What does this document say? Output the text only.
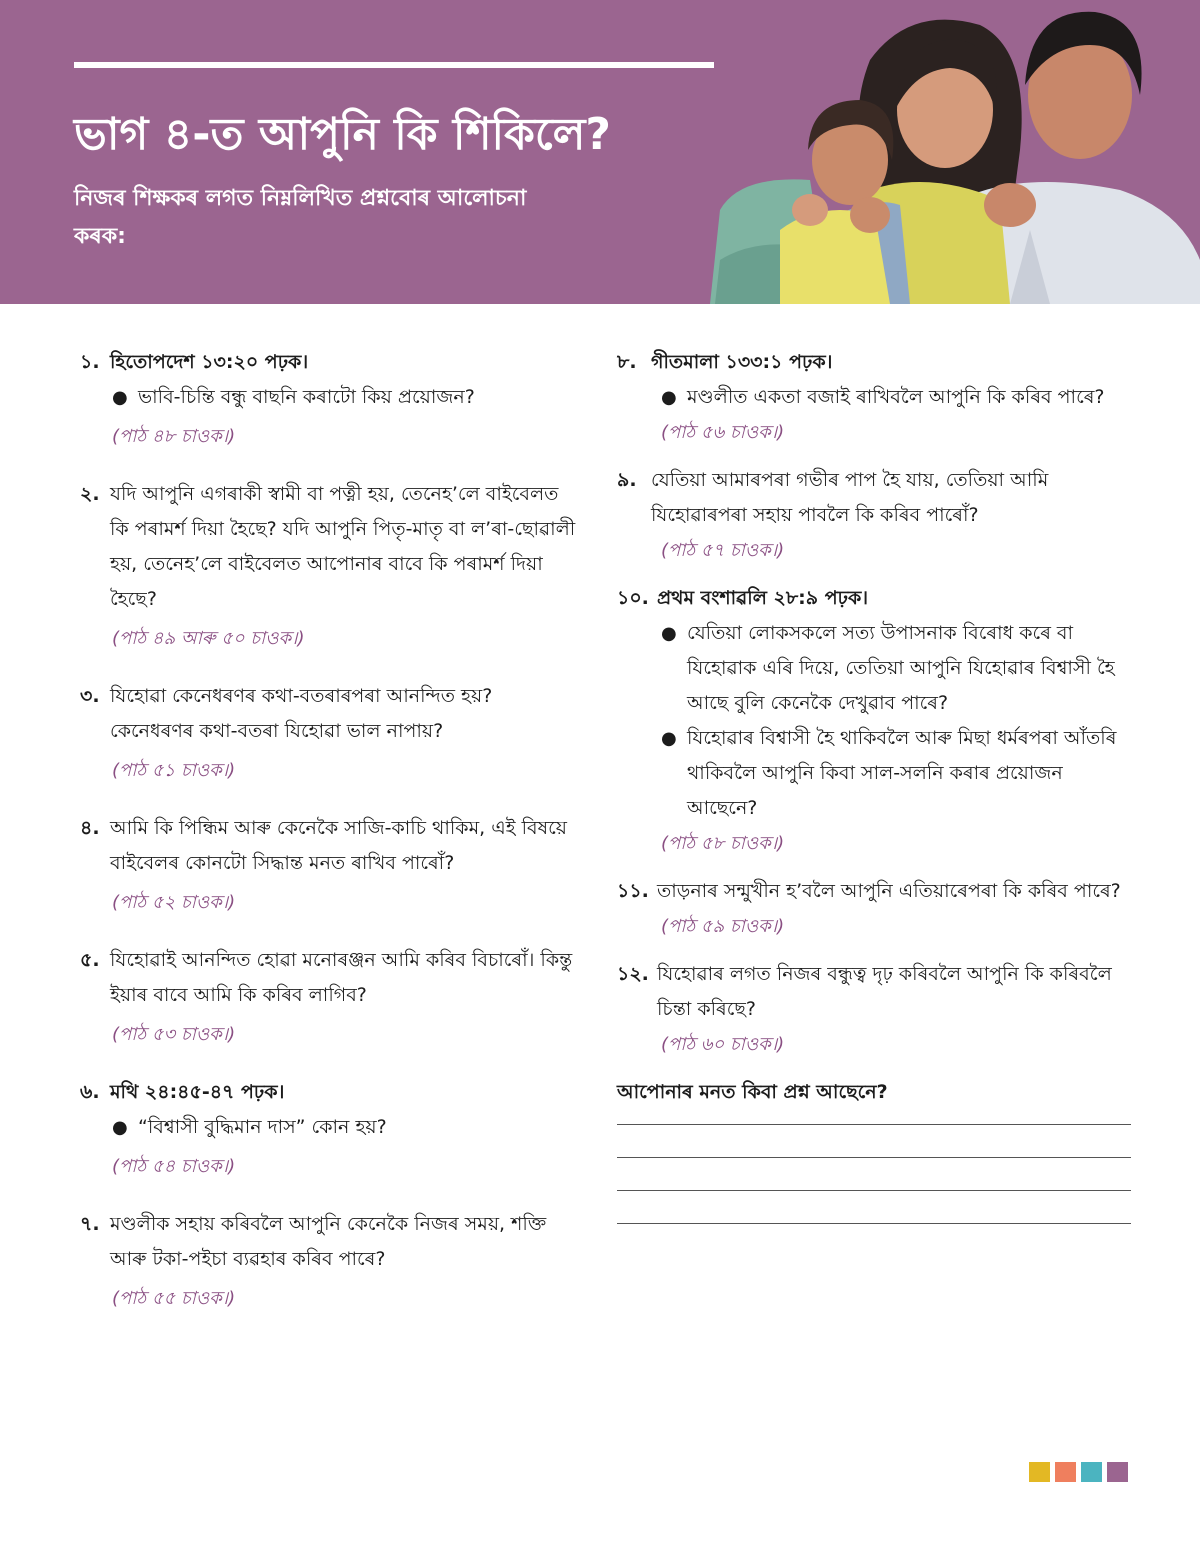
ভাগ ৪-ত আপুনি কি শিকিলে?

নিজৰ শিক্ষকৰ লগত নিম্নলিখিত প্ৰশ্নবোৰ আলোচনা কৰক:

১. হিতোপদেশ ১৩:২০ পঢ়ক।
● ভাবি-চিন্তি বন্ধু বাছনি কৰাটো কিয় প্ৰয়োজন?
(পাঠ ৪৮ চাওক।)
২. যদি আপুনি এগৰাকী স্বামী বা পত্নী হয়, তেনেহ’লে বাইবেলত কি পৰামৰ্শ দিয়া হৈছে? যদি আপুনি পিতৃ-মাতৃ বা ল’ৰা-ছোৱালী হয়, তেনেহ’লে বাইবেলত আপোনাৰ বাবে কি পৰামৰ্শ দিয়া হৈছে?
(পাঠ ৪৯ আৰু ৫০ চাওক।)
৩. যিহোৱা কেনেধৰণৰ কথা-বতৰাৰপৰা আনন্দিত হয়? কেনেধৰণৰ কথা-বতৰা যিহোৱা ভাল নাপায়?
(পাঠ ৫১ চাওক।)
৪. আমি কি পিন্ধিম আৰু কেনেকৈ সাজি-কাচি থাকিম, এই বিষয়ে বাইবেলৰ কোনটো সিদ্ধান্ত মনত ৰাখিব পাৰোঁ?
(পাঠ ৫২ চাওক।)
৫. যিহোৱাই আনন্দিত হোৱা মনোৰঞ্জন আমি কৰিব বিচাৰোঁ। কিন্তু ইয়াৰ বাবে আমি কি কৰিব লাগিব?
(পাঠ ৫৩ চাওক।)
৬. মথি ২৪:৪৫-৪৭ পঢ়ক।
● “বিশ্বাসী বুদ্ধিমান দাস” কোন হয়?
(পাঠ ৫৪ চাওক।)
৭. মণ্ডলীক সহায় কৰিবলৈ আপুনি কেনেকৈ নিজৰ সময়, শক্তি আৰু টকা-পইচা ব্যৱহাৰ কৰিব পাৰে?
(পাঠ ৫৫ চাওক।)
৮. গীতমালা ১৩৩:১ পঢ়ক।
● মণ্ডলীত একতা বজাই ৰাখিবলৈ আপুনি কি কৰিব পাৰে?
(পাঠ ৫৬ চাওক।)
৯. যেতিয়া আমাৰপৰা গভীৰ পাপ হৈ যায়, তেতিয়া আমি যিহোৱাৰপৰা সহায় পাবলৈ কি কৰিব পাৰোঁ?
(পাঠ ৫৭ চাওক।)
১০. প্ৰথম বংশাৱলি ২৮:৯ পঢ়ক।
● যেতিয়া লোকসকলে সত্য উপাসনাক বিৰোধ কৰে বা যিহোৱাক এৰি দিয়ে, তেতিয়া আপুনি যিহোৱাৰ বিশ্বাসী হৈ আছে বুলি কেনেকৈ দেখুৱাব পাৰে?
● যিহোৱাৰ বিশ্বাসী হৈ থাকিবলৈ আৰু মিছা ধৰ্মৰপৰা আঁতৰি থাকিবলৈ আপুনি কিবা সাল-সলনি কৰাৰ প্ৰয়োজন আছেনে?
(পাঠ ৫৮ চাওক।)
১১. তাড়নাৰ সন্মুখীন হ’বলৈ আপুনি এতিয়াৰেপৰা কি কৰিব পাৰে?
(পাঠ ৫৯ চাওক।)
১২. যিহোৱাৰ লগত নিজৰ বন্ধুত্ব দৃঢ় কৰিবলৈ আপুনি কি কৰিবলৈ চিন্তা কৰিছে?
(পাঠ ৬০ চাওক।)
আপোনাৰ মনত কিবা প্ৰশ্ন আছেনে?
